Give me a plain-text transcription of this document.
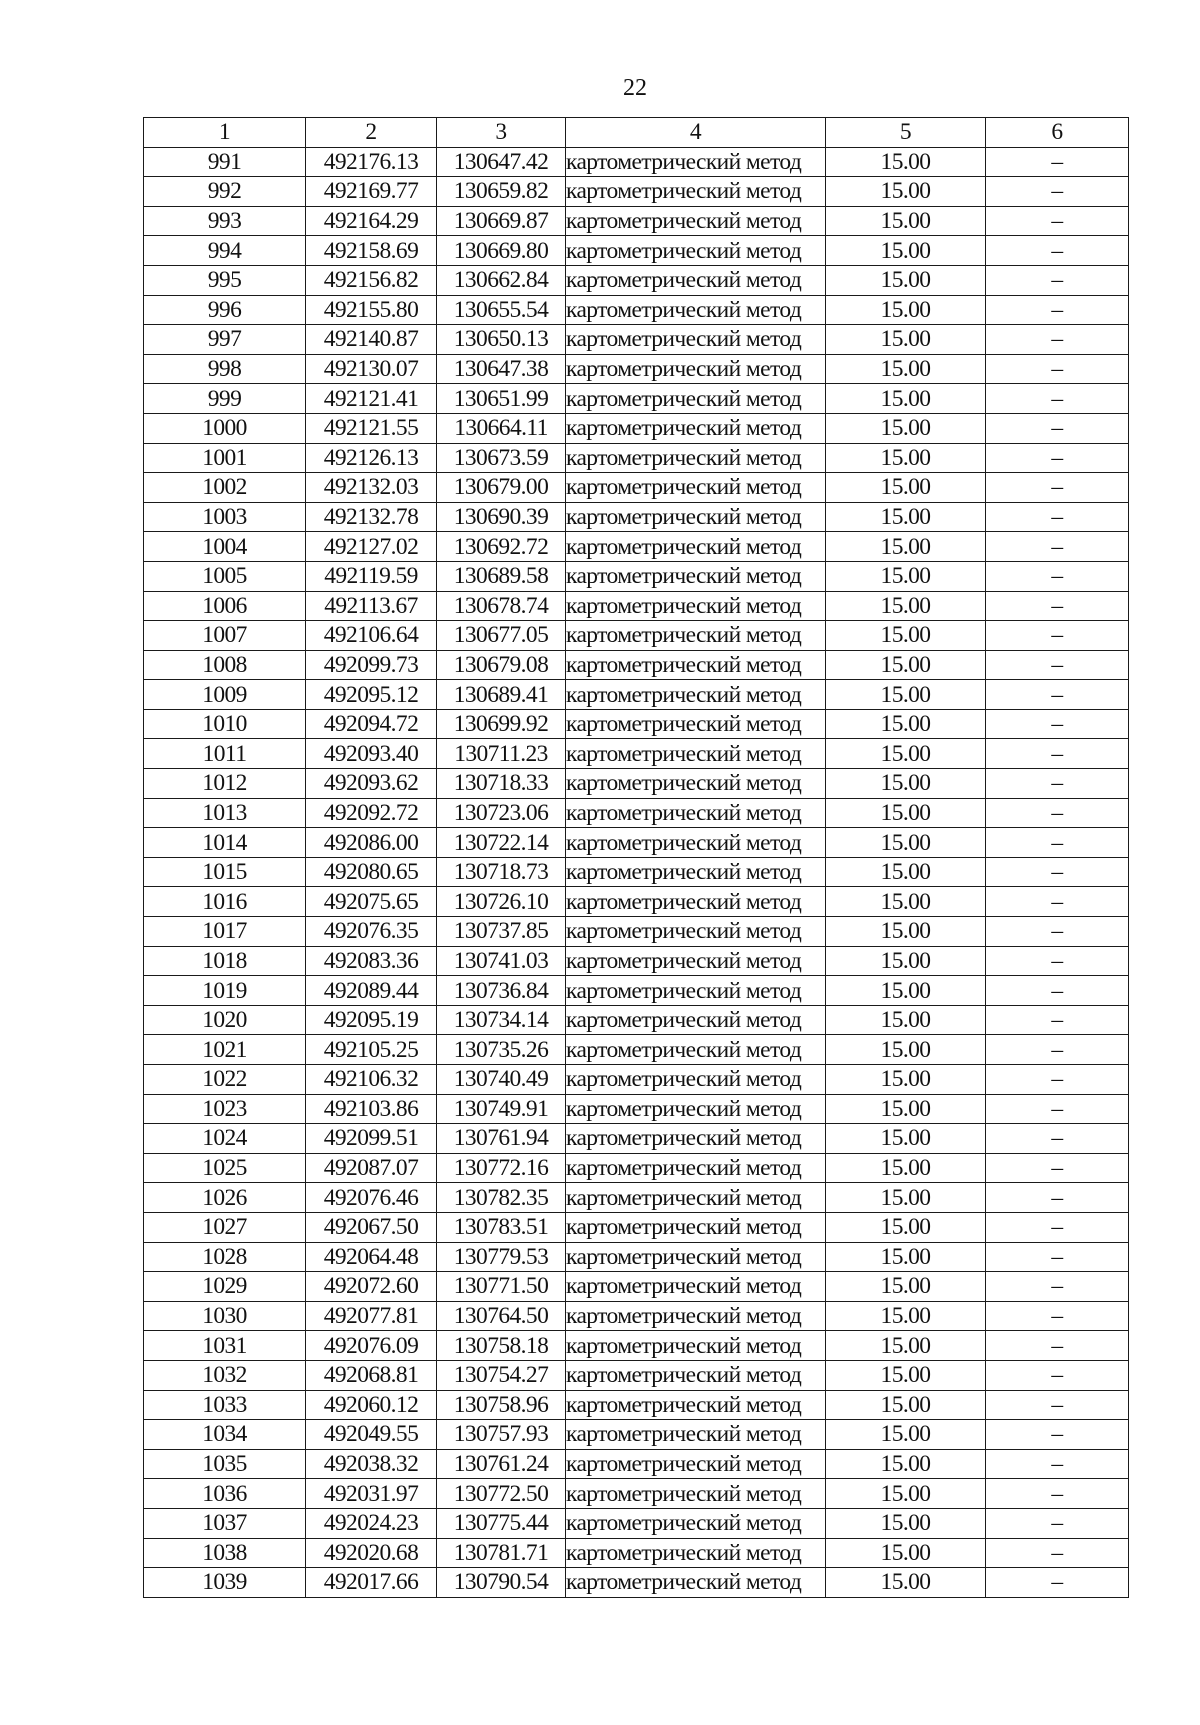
22
1	2	3	4	5	6
991	492176.13	130647.42	картометрический метод	15.00	–
992	492169.77	130659.82	картометрический метод	15.00	–
993	492164.29	130669.87	картометрический метод	15.00	–
994	492158.69	130669.80	картометрический метод	15.00	–
995	492156.82	130662.84	картометрический метод	15.00	–
996	492155.80	130655.54	картометрический метод	15.00	–
997	492140.87	130650.13	картометрический метод	15.00	–
998	492130.07	130647.38	картометрический метод	15.00	–
999	492121.41	130651.99	картометрический метод	15.00	–
1000	492121.55	130664.11	картометрический метод	15.00	–
1001	492126.13	130673.59	картометрический метод	15.00	–
1002	492132.03	130679.00	картометрический метод	15.00	–
1003	492132.78	130690.39	картометрический метод	15.00	–
1004	492127.02	130692.72	картометрический метод	15.00	–
1005	492119.59	130689.58	картометрический метод	15.00	–
1006	492113.67	130678.74	картометрический метод	15.00	–
1007	492106.64	130677.05	картометрический метод	15.00	–
1008	492099.73	130679.08	картометрический метод	15.00	–
1009	492095.12	130689.41	картометрический метод	15.00	–
1010	492094.72	130699.92	картометрический метод	15.00	–
1011	492093.40	130711.23	картометрический метод	15.00	–
1012	492093.62	130718.33	картометрический метод	15.00	–
1013	492092.72	130723.06	картометрический метод	15.00	–
1014	492086.00	130722.14	картометрический метод	15.00	–
1015	492080.65	130718.73	картометрический метод	15.00	–
1016	492075.65	130726.10	картометрический метод	15.00	–
1017	492076.35	130737.85	картометрический метод	15.00	–
1018	492083.36	130741.03	картометрический метод	15.00	–
1019	492089.44	130736.84	картометрический метод	15.00	–
1020	492095.19	130734.14	картометрический метод	15.00	–
1021	492105.25	130735.26	картометрический метод	15.00	–
1022	492106.32	130740.49	картометрический метод	15.00	–
1023	492103.86	130749.91	картометрический метод	15.00	–
1024	492099.51	130761.94	картометрический метод	15.00	–
1025	492087.07	130772.16	картометрический метод	15.00	–
1026	492076.46	130782.35	картометрический метод	15.00	–
1027	492067.50	130783.51	картометрический метод	15.00	–
1028	492064.48	130779.53	картометрический метод	15.00	–
1029	492072.60	130771.50	картометрический метод	15.00	–
1030	492077.81	130764.50	картометрический метод	15.00	–
1031	492076.09	130758.18	картометрический метод	15.00	–
1032	492068.81	130754.27	картометрический метод	15.00	–
1033	492060.12	130758.96	картометрический метод	15.00	–
1034	492049.55	130757.93	картометрический метод	15.00	–
1035	492038.32	130761.24	картометрический метод	15.00	–
1036	492031.97	130772.50	картометрический метод	15.00	–
1037	492024.23	130775.44	картометрический метод	15.00	–
1038	492020.68	130781.71	картометрический метод	15.00	–
1039	492017.66	130790.54	картометрический метод	15.00	–
